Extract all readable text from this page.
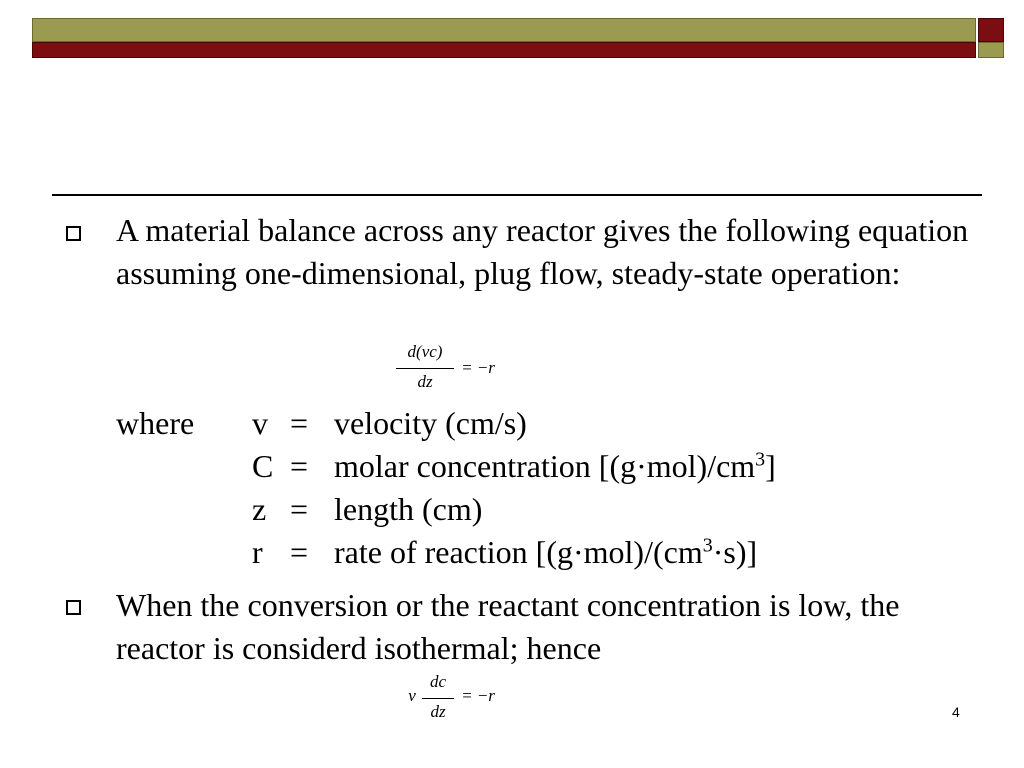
A material balance across any reactor gives the following equation assuming one-dimensional, plug flow, steady-state operation:

d(vc)
dz
= −r
where v = velocity (cm/s)
C = molar concentration $[(g\cdot mol)/cm^3]$
z = length (cm)
r = rate of reaction $[(g\cdot mol)/(cm^3\cdot s)]$

When the conversion or the reactant concentration is low, the reactor is considerd isothermal; hence

v
dc
dz
= −r
4
